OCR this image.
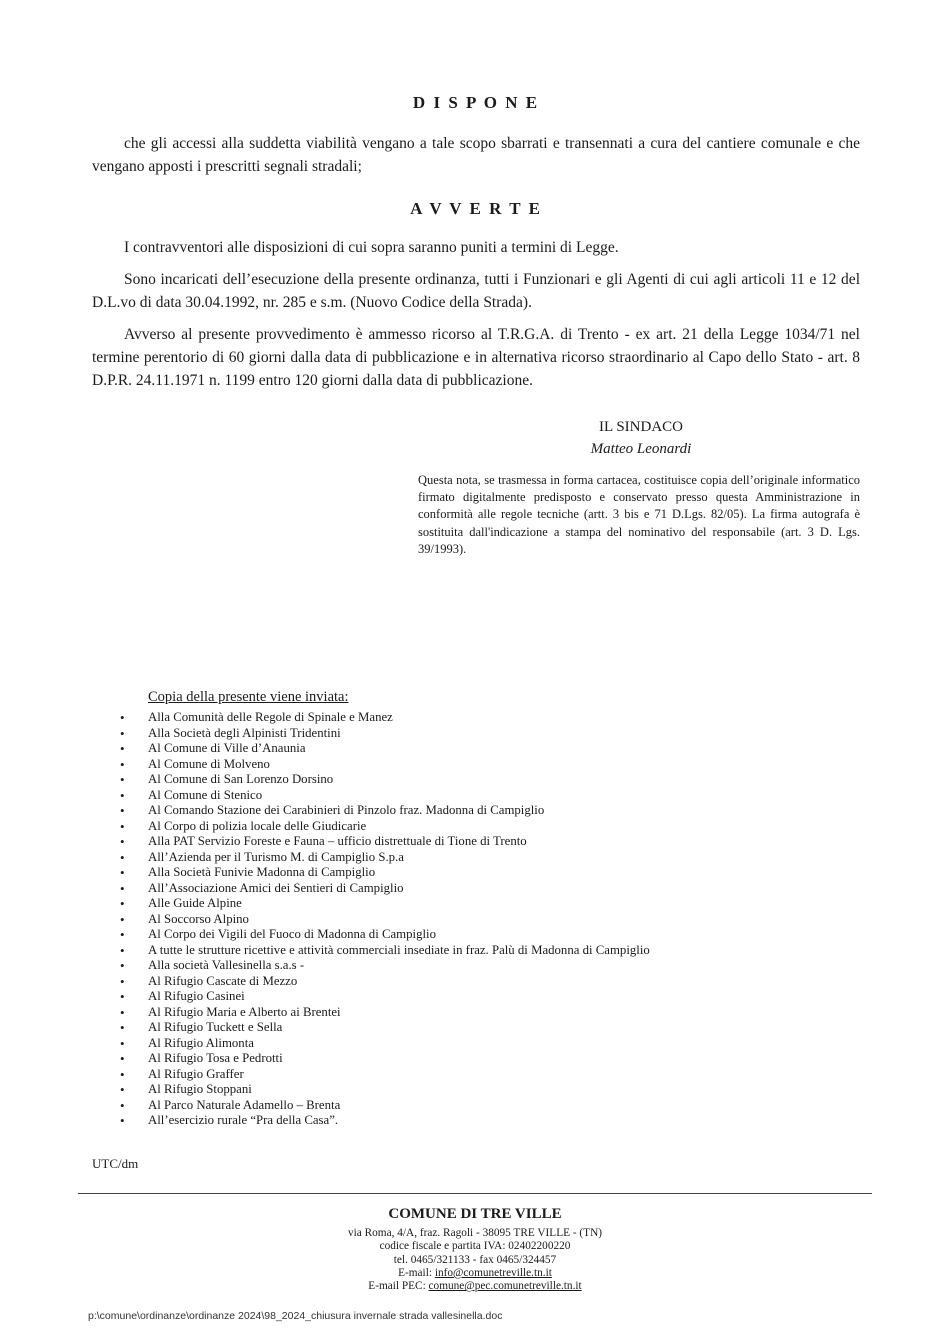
D I S P O N E

che gli accessi alla suddetta viabilità vengano a tale scopo sbarrati e transennati a cura del cantiere comunale e che vengano apposti i prescritti segnali stradali;

A V V E R T E

I contravventori alle disposizioni di cui sopra saranno puniti a termini di Legge.

Sono incaricati dell’esecuzione della presente ordinanza, tutti i Funzionari e gli Agenti di cui agli articoli 11 e 12 del D.L.vo di data 30.04.1992, nr. 285 e s.m. (Nuovo Codice della Strada).

Avverso al presente provvedimento è ammesso ricorso al T.R.G.A. di Trento - ex art. 21 della Legge 1034/71 nel termine perentorio di 60 giorni dalla data di pubblicazione e in alternativa ricorso straordinario al Capo dello Stato - art. 8 D.P.R. 24.11.1971 n. 1199 entro 120 giorni dalla data di pubblicazione.

IL SINDACO
Matteo Leonardi

Questa nota, se trasmessa in forma cartacea, costituisce copia dell’originale informatico firmato digitalmente predisposto e conservato presso questa Amministrazione in conformità alle regole tecniche (artt. 3 bis e 71 D.Lgs. 82/05). La firma autografa è sostituita dall'indicazione a stampa del nominativo del responsabile (art. 3 D. Lgs. 39/1993).

Copia della presente viene inviata:
• Alla Comunità delle Regole di Spinale e Manez
• Alla Società degli Alpinisti Tridentini
• Al Comune di Ville d’Anaunia
• Al Comune di Molveno
• Al Comune di San Lorenzo Dorsino
• Al Comune di Stenico
• Al Comando Stazione dei Carabinieri di Pinzolo fraz. Madonna di Campiglio
• Al Corpo di polizia locale delle Giudicarie
• Alla PAT Servizio Foreste e Fauna – ufficio distrettuale di Tione di Trento
• All’Azienda per il Turismo M. di Campiglio S.p.a
• Alla Società Funivie Madonna di Campiglio
• All’Associazione Amici dei Sentieri di Campiglio
• Alle Guide Alpine
• Al Soccorso Alpino
• Al Corpo dei Vigili del Fuoco di Madonna di Campiglio
• A tutte le strutture ricettive e attività commerciali insediate in fraz. Palù di Madonna di Campiglio
• Alla società Vallesinella s.a.s -
• Al Rifugio Cascate di Mezzo
• Al Rifugio Casinei
• Al Rifugio Maria e Alberto ai Brentei
• Al Rifugio Tuckett e Sella
• Al Rifugio Alimonta
• Al Rifugio Tosa e Pedrotti
• Al Rifugio Graffer
• Al Rifugio Stoppani
• Al Parco Naturale Adamello – Brenta
• All’esercizio rurale “Pra della Casa”.
UTC/dm
COMUNE DI TRE VILLE
via Roma, 4/A, fraz. Ragoli - 38095 TRE VILLE - (TN)
codice fiscale e partita IVA: 02402200220
tel. 0465/321133 - fax 0465/324457
E-mail: info@comunetreville.tn.it
E-mail PEC: comune@pec.comunetreville.tn.it
p:\comune\ordinanze\ordinanze 2024\98_2024_chiusura invernale strada vallesinella.doc
